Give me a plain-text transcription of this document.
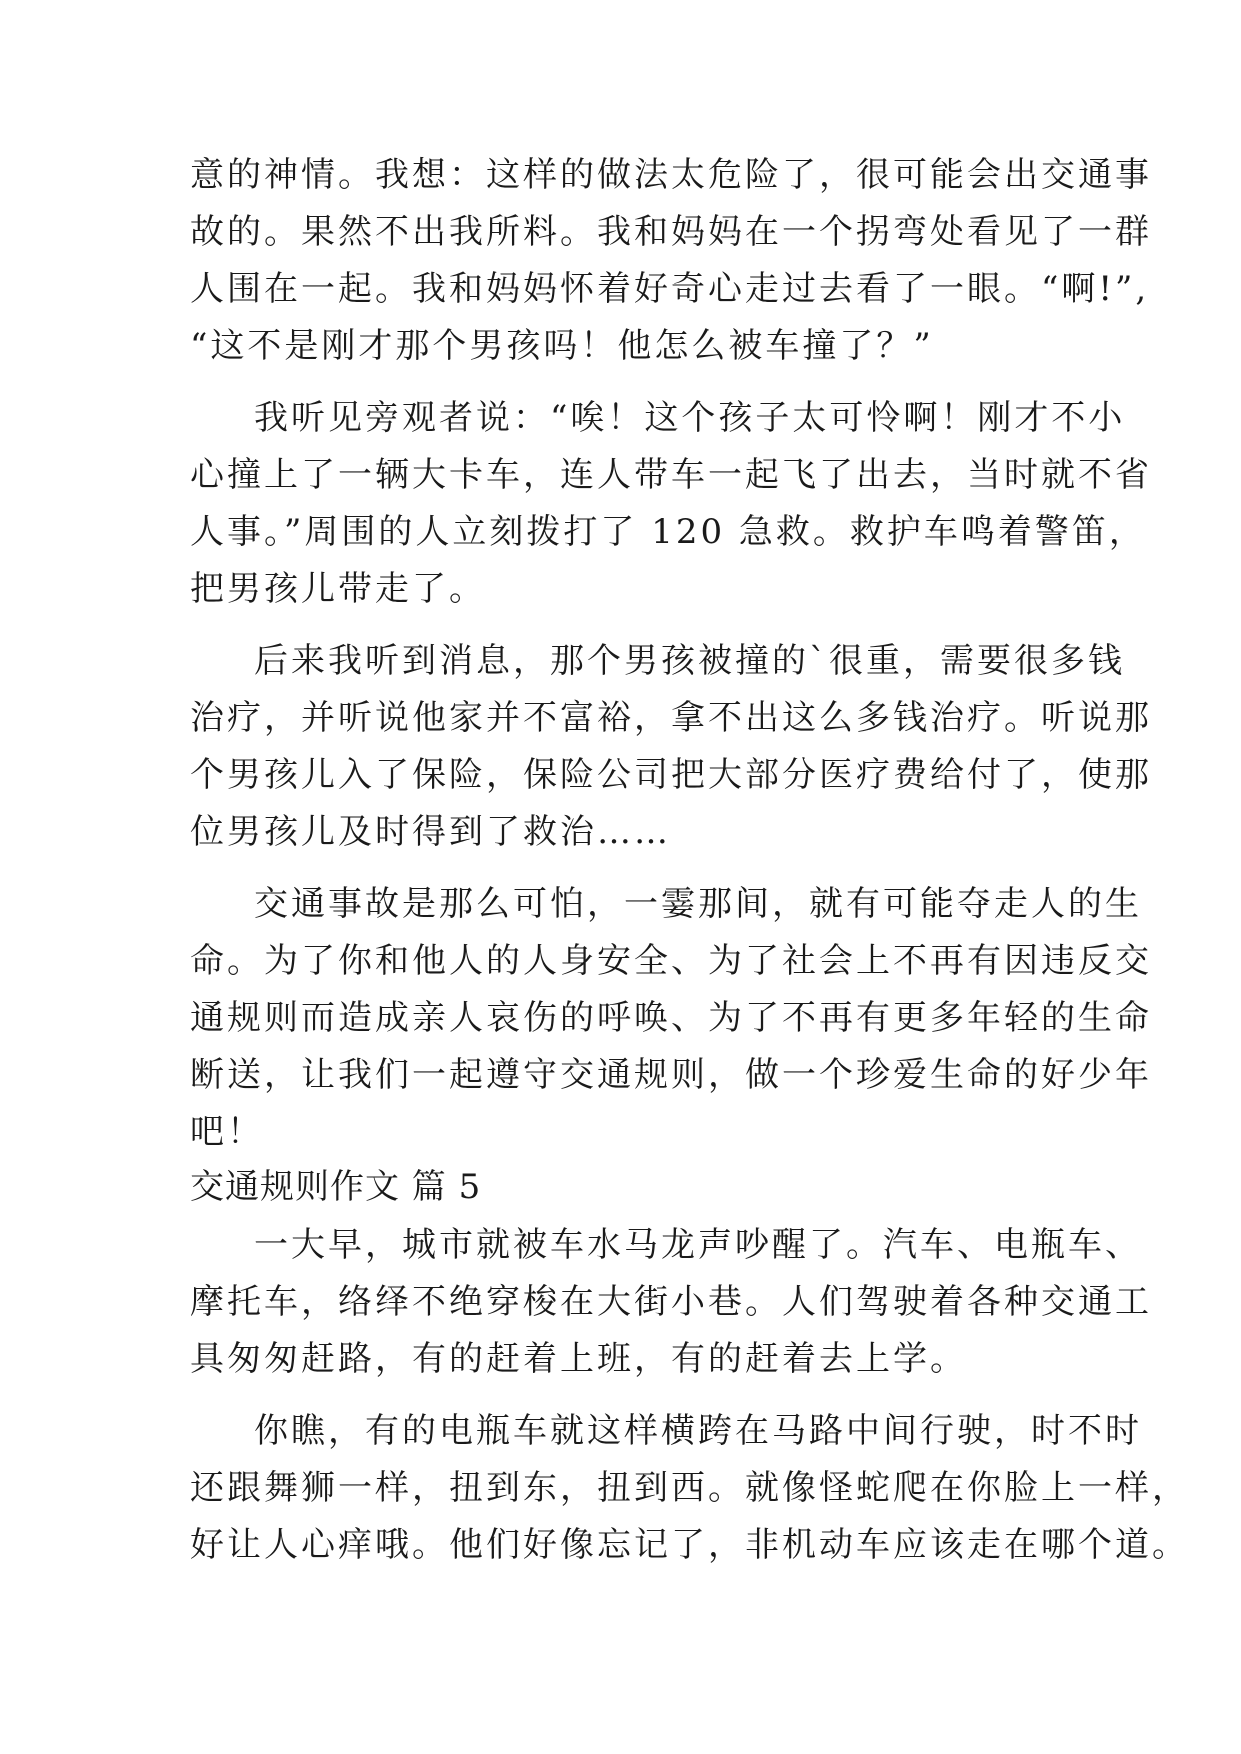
意的神情。我想：这样的做法太危险了，很可能会出交通事
故的。果然不出我所料。我和妈妈在一个拐弯处看见了一群
人围在一起。我和妈妈怀着好奇心走过去看了一眼。“啊!”,
“这不是刚才那个男孩吗！他怎么被车撞了？”
我听见旁观者说：“唉！这个孩子太可怜啊！刚才不小
心撞上了一辆大卡车，连人带车一起飞了出去，当时就不省
人事。”周围的人立刻拨打了 120 急救。救护车鸣着警笛，
把男孩儿带走了。
后来我听到消息，那个男孩被撞的`很重，需要很多钱
治疗，并听说他家并不富裕，拿不出这么多钱治疗。听说那
个男孩儿入了保险，保险公司把大部分医疗费给付了，使那
位男孩儿及时得到了救治……
交通事故是那么可怕，一霎那间，就有可能夺走人的生
命。为了你和他人的人身安全、为了社会上不再有因违反交
通规则而造成亲人哀伤的呼唤、为了不再有更多年轻的生命
断送，让我们一起遵守交通规则，做一个珍爱生命的好少年
吧！
交通规则作文 篇 5
一大早，城市就被车水马龙声吵醒了。汽车、电瓶车、
摩托车，络绎不绝穿梭在大街小巷。人们驾驶着各种交通工
具匆匆赶路，有的赶着上班，有的赶着去上学。
你瞧，有的电瓶车就这样横跨在马路中间行驶，时不时
还跟舞狮一样，扭到东，扭到西。就像怪蛇爬在你脸上一样，
好让人心痒哦。他们好像忘记了，非机动车应该走在哪个道。
